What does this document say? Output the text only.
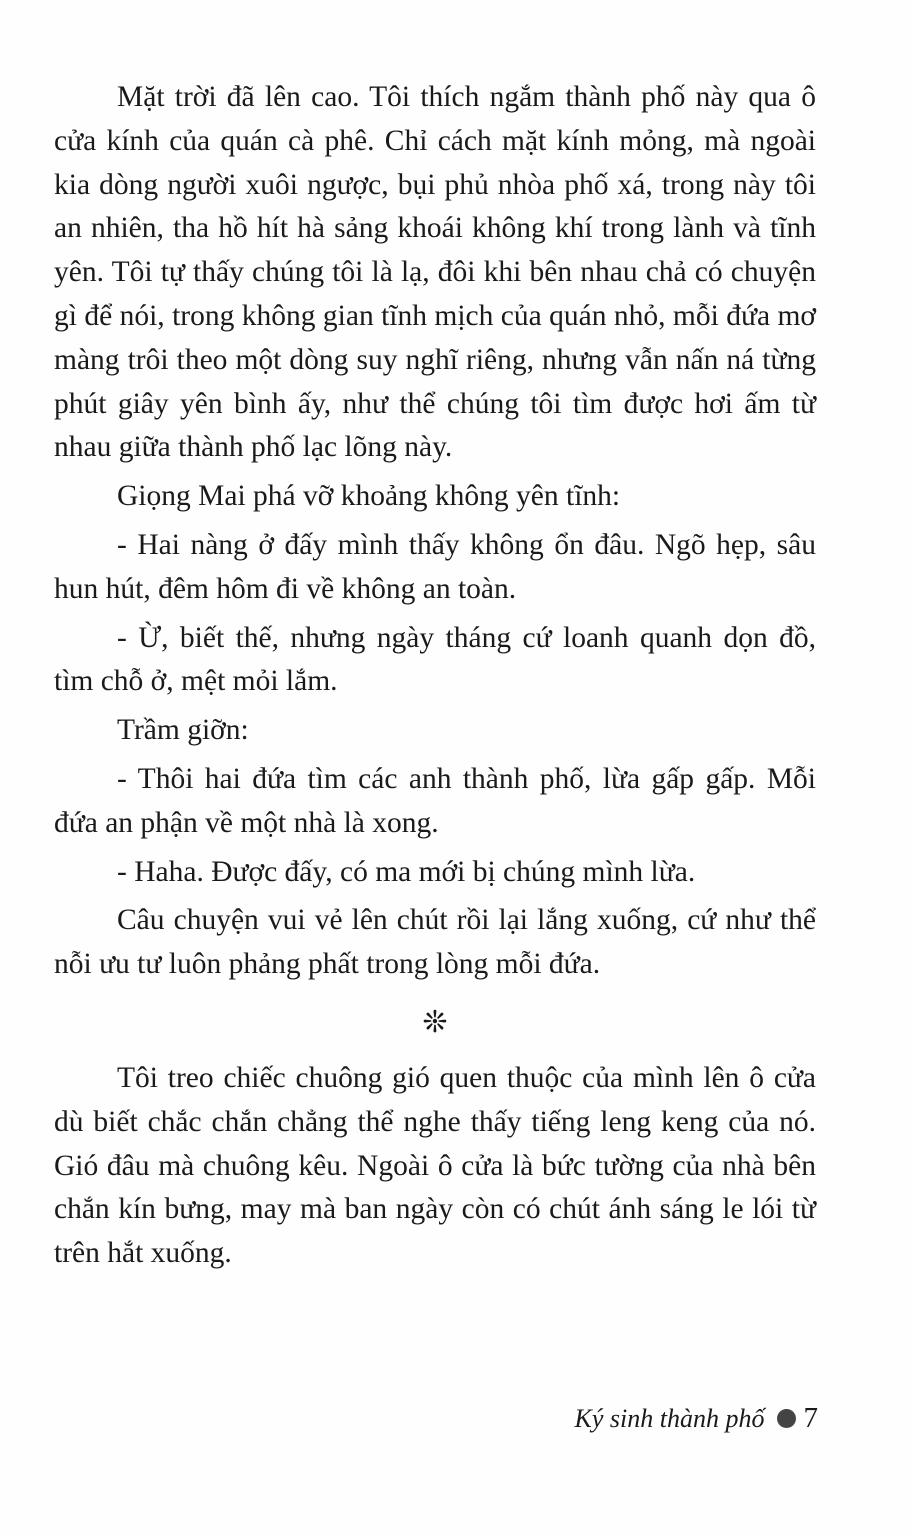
Mặt trời đã lên cao. Tôi thích ngắm thành phố này qua ô cửa kính của quán cà phê. Chỉ cách mặt kính mỏng, mà ngoài kia dòng người xuôi ngược, bụi phủ nhòa phố xá, trong này tôi an nhiên, tha hồ hít hà sảng khoái không khí trong lành và tĩnh yên. Tôi tự thấy chúng tôi là lạ, đôi khi bên nhau chả có chuyện gì để nói, trong không gian tĩnh mịch của quán nhỏ, mỗi đứa mơ màng trôi theo một dòng suy nghĩ riêng, nhưng vẫn nấn ná từng phút giây yên bình ấy, như thể chúng tôi tìm được hơi ấm từ nhau giữa thành phố lạc lõng này.

Giọng Mai phá vỡ khoảng không yên tĩnh:

- Hai nàng ở đấy mình thấy không ổn đâu. Ngõ hẹp, sâu hun hút, đêm hôm đi về không an toàn.

- Ừ, biết thế, nhưng ngày tháng cứ loanh quanh dọn đồ, tìm chỗ ở, mệt mỏi lắm.

Trầm giỡn:

- Thôi hai đứa tìm các anh thành phố, lừa gấp gấp. Mỗi đứa an phận về một nhà là xong.

- Haha. Được đấy, có ma mới bị chúng mình lừa.

Câu chuyện vui vẻ lên chút rồi lại lắng xuống, cứ như thể nỗi ưu tư luôn phảng phất trong lòng mỗi đứa.

❊

Tôi treo chiếc chuông gió quen thuộc của mình lên ô cửa dù biết chắc chắn chẳng thể nghe thấy tiếng leng keng của nó. Gió đâu mà chuông kêu. Ngoài ô cửa là bức tường của nhà bên chắn kín bưng, may mà ban ngày còn có chút ánh sáng le lói từ trên hắt xuống.

Ký sinh thành phố 7
